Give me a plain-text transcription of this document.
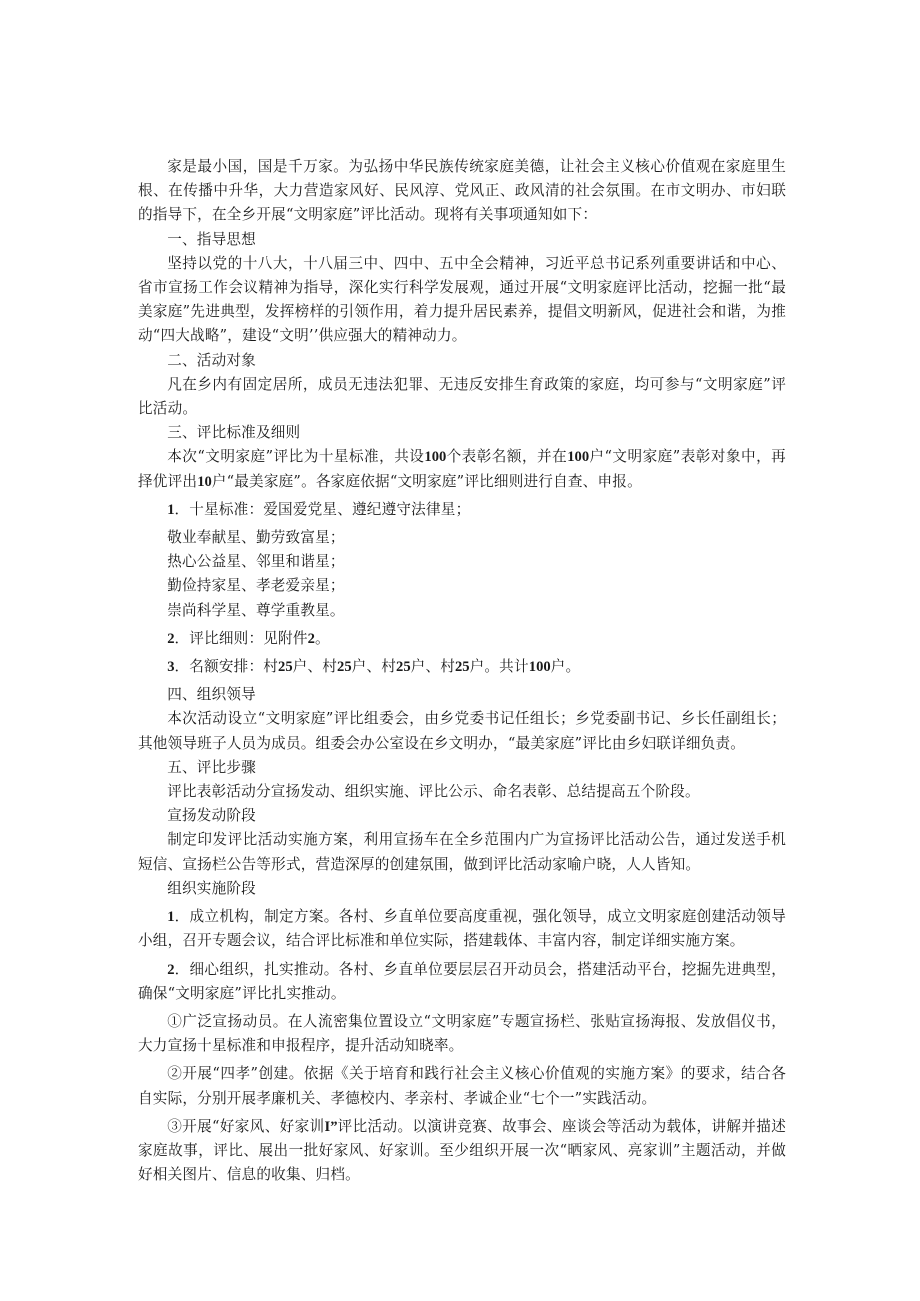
家是最小国，国是千万家。为弘扬中华民族传统家庭美德，让社会主义核心价值观在家庭里生根、在传播中升华，大力营造家风好、民风淳、党风正、政风清的社会氛围。在市文明办、市妇联的指导下，在全乡开展“文明家庭”评比活动。现将有关事项通知如下：

一、指导思想

坚持以党的十八大，十八届三中、四中、五中全会精神，习近平总书记系列重要讲话和中心、省市宣扬工作会议精神为指导，深化实行科学发展观，通过开展“文明家庭评比活动，挖掘一批“最美家庭”先进典型，发挥榜样的引领作用，着力提升居民素养，提倡文明新风，促进社会和谐，为推动“四大战略”，建设“文明’’供应强大的精神动力。

二、活动对象

凡在乡内有固定居所，成员无违法犯罪、无违反安排生育政策的家庭，均可参与“文明家庭”评比活动。

三、评比标准及细则

本次“文明家庭”评比为十星标准，共设100个表彰名额，并在100户“文明家庭”表彰对象中，再择优评出10户“最美家庭”。各家庭依据“文明家庭”评比细则进行自查、申报。

1．十星标准：爱国爱党星、遵纪遵守法律星；

敬业奉献星、勤劳致富星；

热心公益星、邻里和谐星；

勤俭持家星、孝老爱亲星；

崇尚科学星、尊学重教星。

2．评比细则：见附件2。

3．名额安排：村25户、村25户、村25户、村25户。共计100户。

四、组织领导

本次活动设立“文明家庭”评比组委会，由乡党委书记任组长；乡党委副书记、乡长任副组长；其他领导班子人员为成员。组委会办公室设在乡文明办，“最美家庭”评比由乡妇联详细负责。

五、评比步骤

评比表彰活动分宣扬发动、组织实施、评比公示、命名表彰、总结提高五个阶段。

宣扬发动阶段

制定印发评比活动实施方案，利用宣扬车在全乡范围内广为宣扬评比活动公告，通过发送手机短信、宣扬栏公告等形式，营造深厚的创建氛围，做到评比活动家喻户晓，人人皆知。

组织实施阶段

1．成立机构，制定方案。各村、乡直单位要高度重视，强化领导，成立文明家庭创建活动领导小组，召开专题会议，结合评比标准和单位实际，搭建载体、丰富内容，制定详细实施方案。

2．细心组织，扎实推动。各村、乡直单位要层层召开动员会，搭建活动平台，挖掘先进典型，确保“文明家庭”评比扎实推动。

①广泛宣扬动员。在人流密集位置设立“文明家庭”专题宣扬栏、张贴宣扬海报、发放倡仪书，大力宣扬十星标准和申报程序，提升活动知晓率。

②开展“四孝”创建。依据《关于培育和践行社会主义核心价值观的实施方案》的要求，结合各自实际，分别开展孝廉机关、孝德校内、孝亲村、孝诚企业“七个一”实践活动。

③开展“好家风、好家训I”评比活动。以演讲竞赛、故事会、座谈会等活动为载体，讲解并描述家庭故事，评比、展出一批好家风、好家训。至少组织开展一次“晒家风、亮家训”主题活动，并做好相关图片、信息的收集、归档。
